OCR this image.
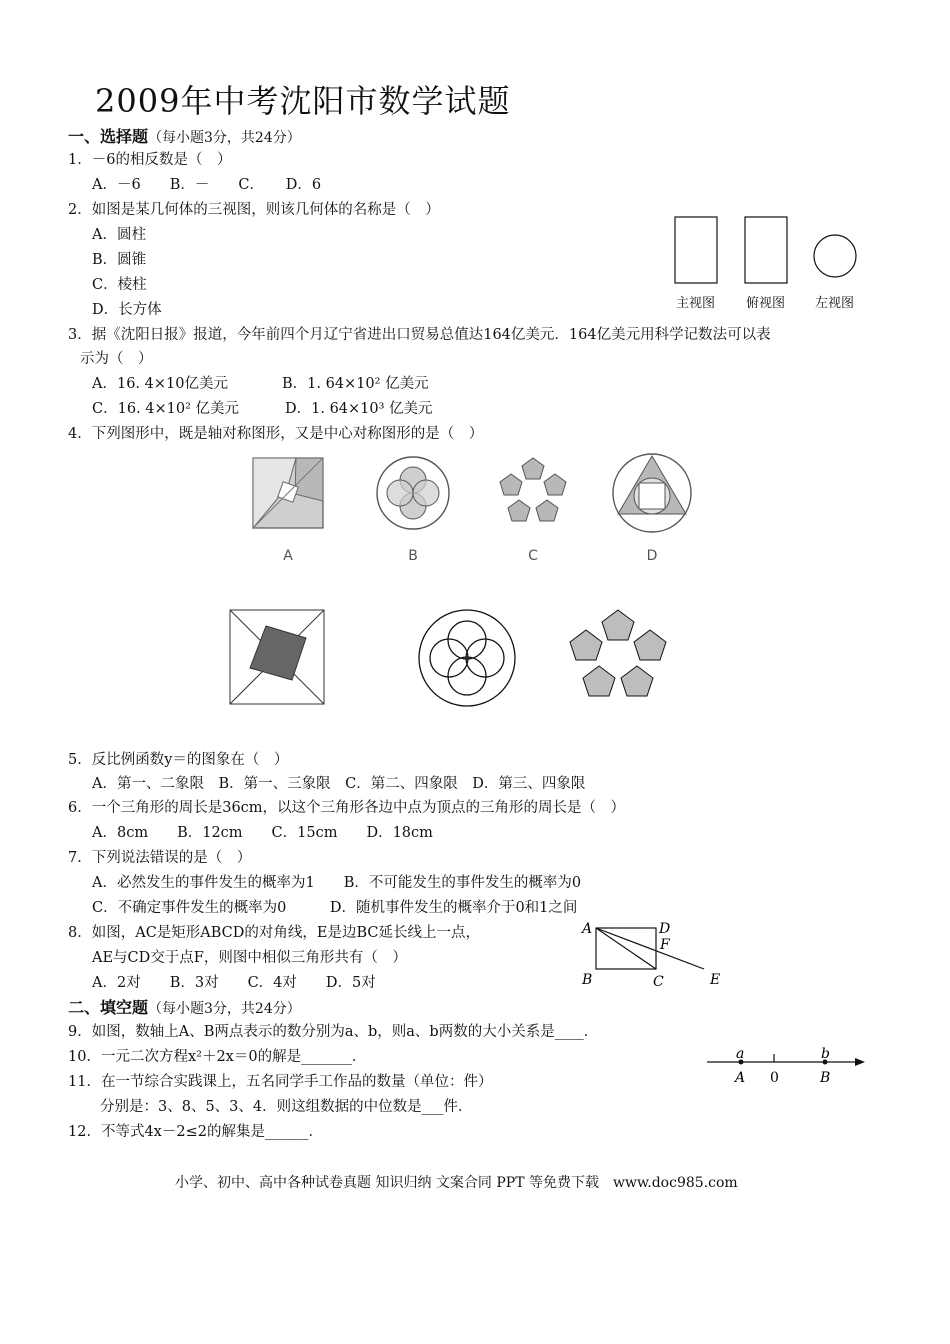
2009年中考沈阳市数学试题
一、选择题（每小题3分，共24分）
1．－6的相反数是（　）
A．－6　　B．－　　C．　　D．6
2．如图是某几何体的三视图，则该几何体的名称是（　）
A．圆柱
B．圆锥
C．棱柱
D．长方体	主视图 俯视图 左视图
3．据《沈阳日报》报道，今年前四个月辽宁省进出口贸易总值达164亿美元．164亿美元用科学记数法可以表
示为（　）
A．16. 4×10亿美元	B．1. 64×10² 亿美元
C．16. 4×10² 亿美元	D．1. 64×10³ 亿美元
4．下列图形中，既是轴对称图形，又是中心对称图形的是（　）
A	B	C	D
5．反比例函数y＝的图象在（　）
A．第一、二象限　B．第一、三象限　C．第二、四象限　D．第三、四象限
6．一个三角形的周长是36cm，以这个三角形各边中点为顶点的三角形的周长是（　）
A．8cm　　B．12cm　　C．15cm　　D．18cm
7．下列说法错误的是（　）
A．必然发生的事件发生的概率为1　　B．不可能发生的事件发生的概率为0
C．不确定事件发生的概率为0　　　D．随机事件发生的概率介于0和1之间
8．如图，AC是矩形ABCD的对角线，E是边BC延长线上一点，
AE与CD交于点F，则图中相似三角形共有（　）
A．2对　　B．3对　　C．4对　　D．5对
A	D
F
B	C	E
二、填空题（每小题3分，共24分）
9．如图，数轴上A、B两点表示的数分别为a、b，则a、b两数的大小关系是____．
10．一元二次方程x²＋2x＝0的解是_______．
11．在一节综合实践课上，五名同学手工作品的数量（单位：件）
分别是：3、8、5、3、4．则这组数据的中位数是___件．
12．不等式4x－2≤2的解集是______．
a	b
A 0	B
小学、初中、高中各种试卷真题 知识归纳 文案合同 PPT 等免费下载　www.doc985.com
